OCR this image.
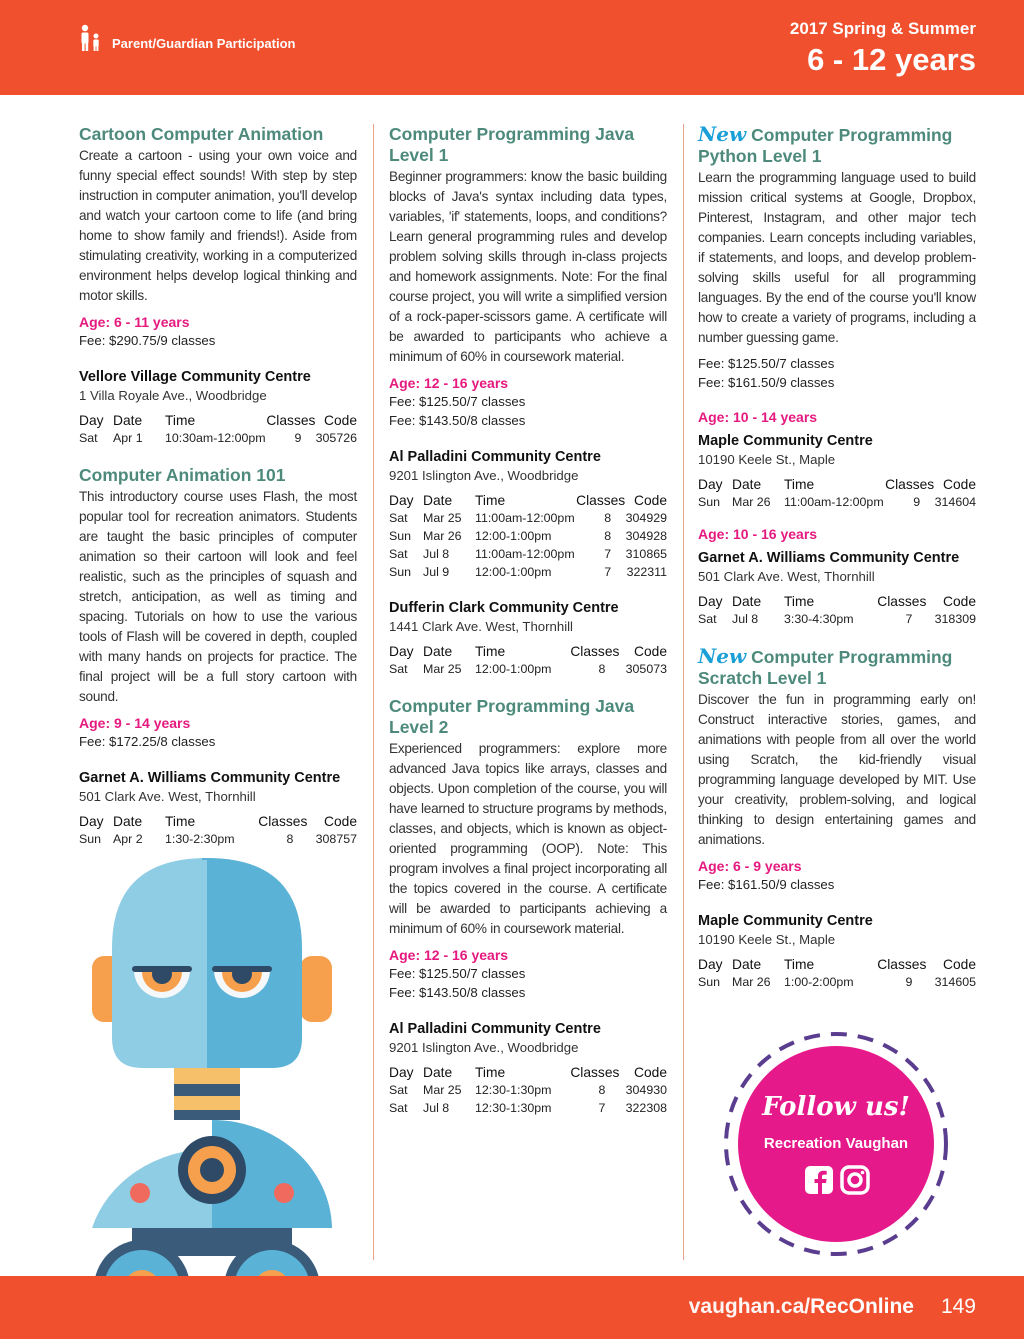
Parent/Guardian Participation
2017 Spring & Summer
6 - 12 years
Cartoon Computer Animation
Create a cartoon - using your own voice and funny special effect sounds! With step by step instruction in computer animation, you'll develop and watch your cartoon come to life (and bring home to show family and friends!). Aside from stimulating creativity, working in a computerized environment helps develop logical thinking and motor skills.
Age: 6 - 11 years
Fee: $290.75/9 classes
Vellore Village Community Centre
1 Villa Royale Ave., Woodbridge
Day	Date	Time	Classes	Code
Sat	Apr 1	10:30am-12:00pm	9	305726
Computer Animation 101
This introductory course uses Flash, the most popular tool for recreation animators. Students are taught the basic principles of computer animation so their cartoon will look and feel realistic, such as the principles of squash and stretch, anticipation, as well as timing and spacing. Tutorials on how to use the various tools of Flash will be covered in depth, coupled with many hands on projects for practice. The final project will be a full story cartoon with sound.
Age: 9 - 14 years
Fee: $172.25/8 classes
Garnet A. Williams Community Centre
501 Clark Ave. West, Thornhill
Day	Date	Time	Classes	Code
Sun	Apr 2	1:30-2:30pm	8	308757
Computer Programming Java Level 1
Beginner programmers: know the basic building blocks of Java's syntax including data types, variables, 'if' statements, loops, and conditions? Learn general programming rules and develop problem solving skills through in-class projects and homework assignments. Note: For the final course project, you will write a simplified version of a rock-paper-scissors game. A certificate will be awarded to participants who achieve a minimum of 60% in coursework material.
Age: 12 - 16 years
Fee: $125.50/7 classes
Fee: $143.50/8 classes
Al Palladini Community Centre
9201 Islington Ave., Woodbridge
Day	Date	Time	Classes	Code
Sat	Mar 25	11:00am-12:00pm	8	304929
Sun	Mar 26	12:00-1:00pm	8	304928
Sat	Jul 8	11:00am-12:00pm	7	310865
Sun	Jul 9	12:00-1:00pm	7	322311
Dufferin Clark Community Centre
1441 Clark Ave. West, Thornhill
Day	Date	Time	Classes	Code
Sat	Mar 25	12:00-1:00pm	8	305073
Computer Programming Java Level 2
Experienced programmers: explore more advanced Java topics like arrays, classes and objects. Upon completion of the course, you will have learned to structure programs by methods, classes, and objects, which is known as object-oriented programming (OOP). Note: This program involves a final project incorporating all the topics covered in the course. A certificate will be awarded to participants achieving a minimum of 60% in coursework material.
Age: 12 - 16 years
Fee: $125.50/7 classes
Fee: $143.50/8 classes
Al Palladini Community Centre
9201 Islington Ave., Woodbridge
Day	Date	Time	Classes	Code
Sat	Mar 25	12:30-1:30pm	8	304930
Sat	Jul 8	12:30-1:30pm	7	322308
New Computer Programming Python Level 1
Learn the programming language used to build mission critical systems at Google, Dropbox, Pinterest, Instagram, and other major tech companies. Learn concepts including variables, if statements, and loops, and develop problem-solving skills useful for all programming languages. By the end of the course you'll know how to create a variety of programs, including a number guessing game.
Fee: $125.50/7 classes
Fee: $161.50/9 classes
Age: 10 - 14 years
Maple Community Centre
10190 Keele St., Maple
Day	Date	Time	Classes	Code
Sun	Mar 26	11:00am-12:00pm	9	314604
Age: 10 - 16 years
Garnet A. Williams Community Centre
501 Clark Ave. West, Thornhill
Day	Date	Time	Classes	Code
Sat	Jul 8	3:30-4:30pm	7	318309
New Computer Programming Scratch Level 1
Discover the fun in programming early on! Construct interactive stories, games, and animations with people from all over the world using Scratch, the kid-friendly visual programming language developed by MIT. Use your creativity, problem-solving, and logical thinking to design entertaining games and animations.
Age: 6 - 9 years
Fee: $161.50/9 classes
Maple Community Centre
10190 Keele St., Maple
Day	Date	Time	Classes	Code
Sun	Mar 26	1:00-2:00pm	9	314605
Follow us!
Recreation Vaughan
vaughan.ca/RecOnline 149
